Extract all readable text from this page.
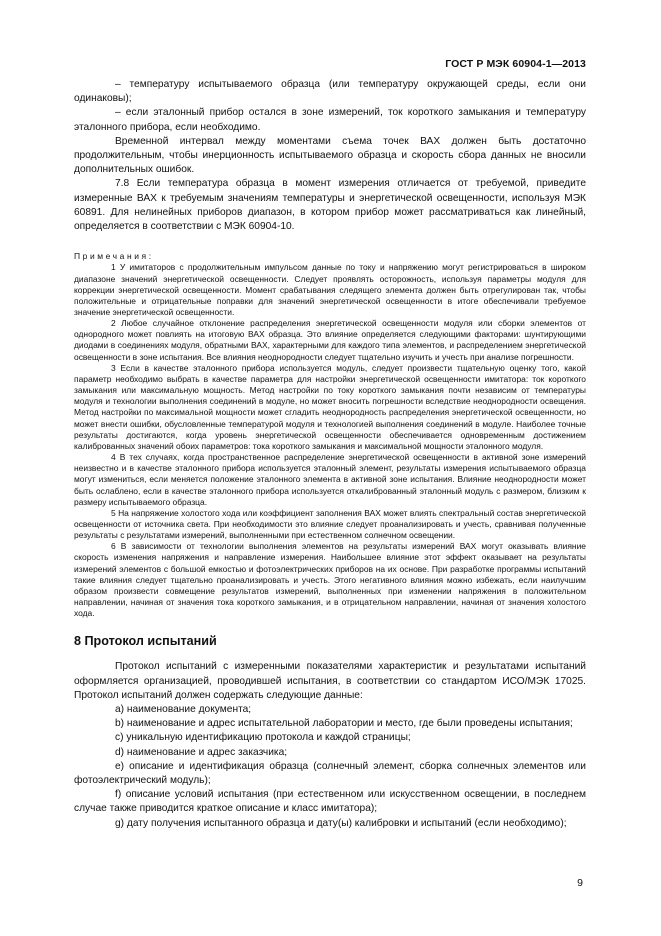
ГОСТ Р МЭК 60904-1—2013

– температуру испытываемого образца (или температуру окружающей среды, если они одинаковы);

– если эталонный прибор остался в зоне измерений, ток короткого замыкания и температуру эталонного прибора, если необходимо.

Временной интервал между моментами съема точек ВАХ должен быть достаточно продолжительным, чтобы инерционность испытываемого образца и скорость сбора данных не вносили дополнительных ошибок.

7.8 Если температура образца в момент измерения отличается от требуемой, приведите измеренные ВАХ к требуемым значениям температуры и энергетической освещенности, используя МЭК 60891. Для нелинейных приборов диапазон, в котором прибор может рассматриваться как линейный, определяется в соответствии с МЭК 60904-10.

Примечания:

1 У имитаторов с продолжительным импульсом данные по току и напряжению могут регистрироваться в широком диапазоне значений энергетической освещенности. Следует проявлять осторожность, используя параметры модуля для коррекции энергетической освещенности. Момент срабатывания следящего элемента должен быть отрегулирован так, чтобы положительные и отрицательные поправки для значений энергетической освещенности в итоге обеспечивали требуемое значение энергетической освещенности.

2 Любое случайное отклонение распределения энергетической освещенности модуля или сборки элементов от однородного может повлиять на итоговую ВАХ образца. Это влияние определяется следующими факторами: шунтирующими диодами в соединениях модуля, обратными ВАХ, характерными для каждого типа элементов, и распределением энергетической освещенности в зоне испытания. Все влияния неоднородности следует тщательно изучить и учесть при анализе погрешности.

3 Если в качестве эталонного прибора используется модуль, следует произвести тщательную оценку того, какой параметр необходимо выбрать в качестве параметра для настройки энергетической освещенности имитатора: ток короткого замыкания или максимальную мощность. Метод настройки по току короткого замыкания почти независим от температуры модуля и технологии выполнения соединений в модуле, но может вносить погрешности вследствие неоднородности освещения. Метод настройки по максимальной мощности может сгладить неоднородность распределения энергетической освещенности, но может внести ошибки, обусловленные температурой модуля и технологией выполнения соединений в модуле. Наиболее точные результаты достигаются, когда уровень энергетической освещенности обеспечивается одновременным достижением калиброванных значений обоих параметров: тока короткого замыкания и максимальной мощности эталонного модуля.

4 В тех случаях, когда пространственное распределение энергетической освещенности в активной зоне измерений неизвестно и в качестве эталонного прибора используется эталонный элемент, результаты измерения испытываемого образца могут измениться, если меняется положение эталонного элемента в активной зоне испытания. Влияние неоднородности может быть ослаблено, если в качестве эталонного прибора используется откалиброванный эталонный модуль с размером, близким к размеру испытываемого образца.

5 На напряжение холостого хода или коэффициент заполнения ВАХ может влиять спектральный состав энергетической освещенности от источника света. При необходимости это влияние следует проанализировать и учесть, сравнивая полученные результаты с результатами измерений, выполненными при естественном солнечном освещении.

6 В зависимости от технологии выполнения элементов на результаты измерений ВАХ могут оказывать влияние скорость изменения напряжения и направление измерения. Наибольшее влияние этот эффект оказывает на результаты измерений элементов с большой емкостью и фотоэлектрических приборов на их основе. При разработке программы испытаний такие влияния следует тщательно проанализировать и учесть. Этого негативного влияния можно избежать, если наилучшим образом произвести совмещение результатов измерений, выполненных при изменении напряжения в положительном направлении, начиная от значения тока короткого замыкания, и в отрицательном направлении, начиная от значения холостого хода.

8 Протокол испытаний

Протокол испытаний с измеренными показателями характеристик и результатами испытаний оформляется организацией, проводившей испытания, в соответствии со стандартом ИСО/МЭК 17025. Протокол испытаний должен содержать следующие данные:

a) наименование документа;

b) наименование и адрес испытательной лаборатории и место, где были проведены испытания;

c) уникальную идентификацию протокола и каждой страницы;

d) наименование и адрес заказчика;

e) описание и идентификация образца (солнечный элемент, сборка солнечных элементов или фотоэлектрический модуль);

f) описание условий испытания (при естественном или искусственном освещении, в последнем случае также приводится краткое описание и класс имитатора);

g) дату получения испытанного образца и дату(ы) калибровки и испытаний (если необходимо);

9
